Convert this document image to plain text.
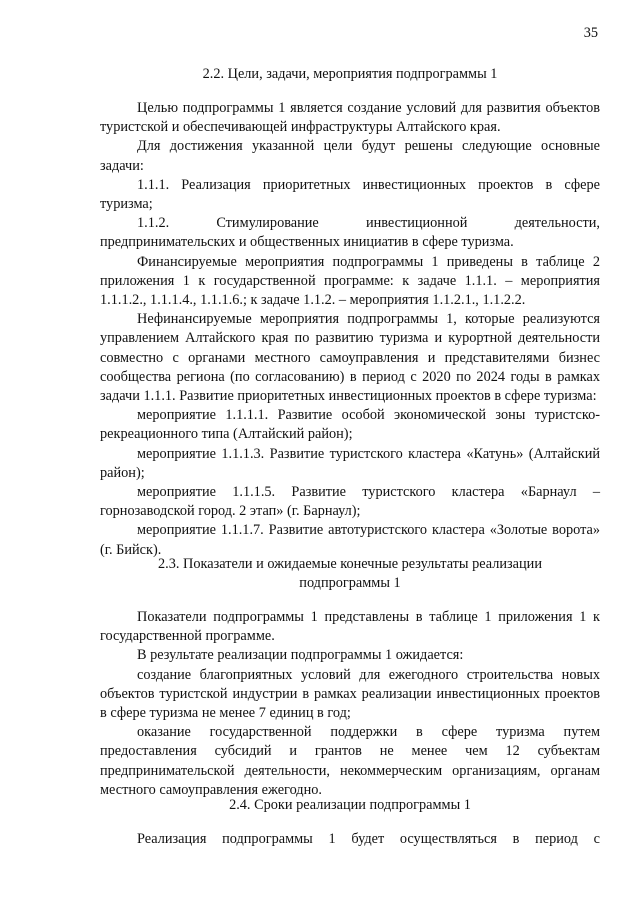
35
2.2. Цели, задачи, мероприятия подпрограммы 1

Целью подпрограммы 1 является создание условий для развития объектов туристской и обеспечивающей инфраструктуры Алтайского края.

Для достижения указанной цели будут решены следующие основные задачи:

1.1.1. Реализация приоритетных инвестиционных проектов в сфере туризма;

1.1.2. Стимулирование инвестиционной деятельности, предпринимательских и общественных инициатив в сфере туризма.

Финансируемые мероприятия подпрограммы 1 приведены в таблице 2 приложения 1 к государственной программе: к задаче 1.1.1. – мероприятия 1.1.1.2., 1.1.1.4., 1.1.1.6.; к задаче 1.1.2. – мероприятия 1.1.2.1., 1.1.2.2.

Нефинансируемые мероприятия подпрограммы 1, которые реализуются управлением Алтайского края по развитию туризма и курортной деятельности совместно с органами местного самоуправления и представителями бизнес сообщества региона (по согласованию) в период с 2020 по 2024 годы в рамках задачи 1.1.1. Развитие приоритетных инвестиционных проектов в сфере туризма:

мероприятие 1.1.1.1. Развитие особой экономической зоны туристско-рекреационного типа (Алтайский район);

мероприятие 1.1.1.3. Развитие туристского кластера «Катунь» (Алтайский район);

мероприятие 1.1.1.5. Развитие туристского кластера «Барнаул – горнозаводской город. 2 этап» (г. Барнаул);

мероприятие 1.1.1.7. Развитие автотуристского кластера «Золотые ворота» (г. Бийск).

2.3. Показатели и ожидаемые конечные результаты реализации
подпрограммы 1

Показатели подпрограммы 1 представлены в таблице 1 приложения 1 к государственной программе.

В результате реализации подпрограммы 1 ожидается:

создание благоприятных условий для ежегодного строительства новых объектов туристской индустрии в рамках реализации инвестиционных проектов в сфере туризма не менее 7 единиц в год;

оказание государственной поддержки в сфере туризма путем предоставления субсидий и грантов не менее чем 12 субъектам предпринимательской деятельности, некоммерческим организациям, органам местного самоуправления ежегодно.

2.4. Сроки реализации подпрограммы 1

Реализация подпрограммы 1 будет осуществляться в период с
